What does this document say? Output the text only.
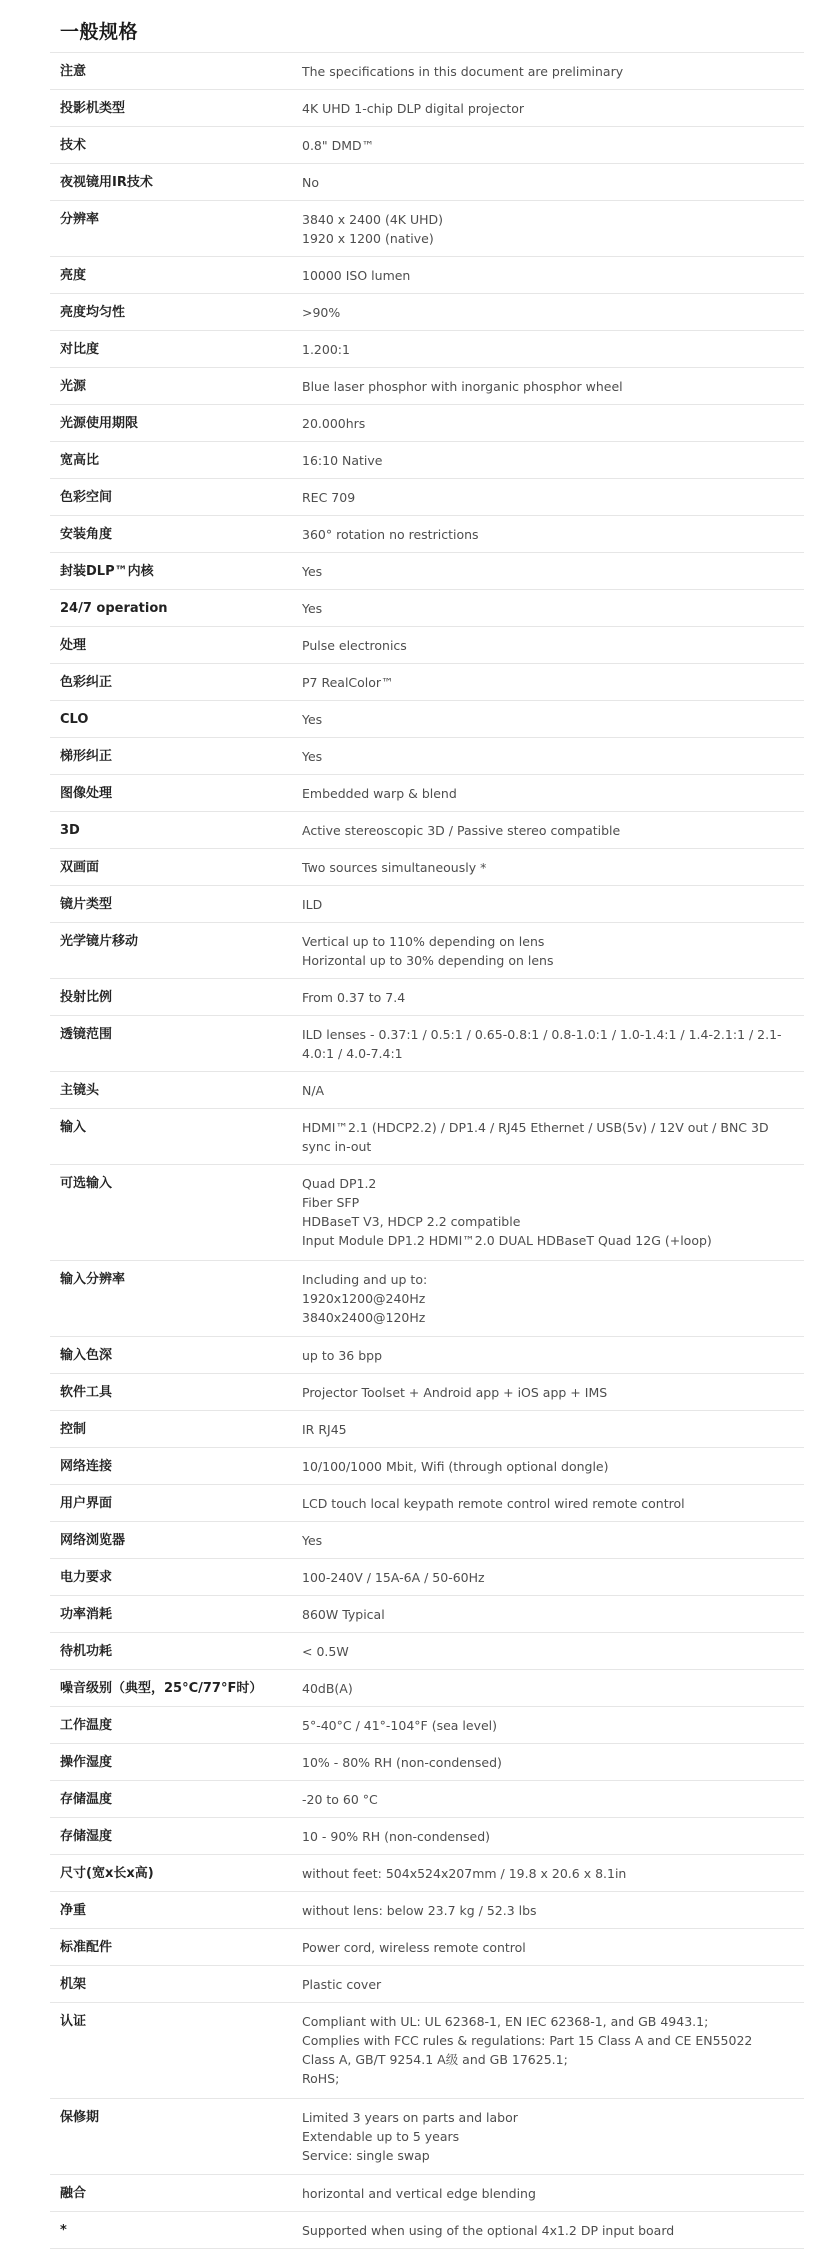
一般规格
注意	The specifications in this document are preliminary
投影机类型	4K UHD 1-chip DLP digital projector
技术	0.8" DMD™
夜视镜用IR技术	No
分辨率	3840 x 2400 (4K UHD)
1920 x 1200 (native)
亮度	10000 ISO lumen
亮度均匀性	>90%
对比度	1.200:1
光源	Blue laser phosphor with inorganic phosphor wheel
光源使用期限	20.000hrs
宽高比	16:10 Native
色彩空间	REC 709
安装角度	360° rotation no restrictions
封装DLP™内核	Yes
24/7 operation	Yes
处理	Pulse electronics
色彩纠正	P7 RealColor™
CLO	Yes
梯形纠正	Yes
图像处理	Embedded warp & blend
3D	Active stereoscopic 3D / Passive stereo compatible
双画面	Two sources simultaneously *
镜片类型	ILD
光学镜片移动	Vertical up to 110% depending on lens
Horizontal up to 30% depending on lens
投射比例	From 0.37 to 7.4
透镜范围	ILD lenses - 0.37:1 / 0.5:1 / 0.65-0.8:1 / 0.8-1.0:1 / 1.0-1.4:1 / 1.4-2.1:1 / 2.1-
4.0:1 / 4.0-7.4:1
主镜头	N/A
输入	HDMI™2.1 (HDCP2.2) / DP1.4 / RJ45 Ethernet / USB(5v) / 12V out / BNC 3D
sync in-out
可选输入	Quad DP1.2
Fiber SFP
HDBaseT V3, HDCP 2.2 compatible
Input Module DP1.2 HDMI™2.0 DUAL HDBaseT Quad 12G (+loop)
输入分辨率	Including and up to:
1920x1200@240Hz
3840x2400@120Hz
输入色深	up to 36 bpp
软件工具	Projector Toolset + Android app + iOS app + IMS
控制	IR RJ45
网络连接	10/100/1000 Mbit, Wifi (through optional dongle)
用户界面	LCD touch local keypath remote control wired remote control
网络浏览器	Yes
电力要求	100-240V / 15A-6A / 50-60Hz
功率消耗	860W Typical
待机功耗	< 0.5W
噪音级别（典型，25°C/77°F时）	40dB(A)
工作温度	5°-40°C / 41°-104°F (sea level)
操作湿度	10% - 80% RH (non-condensed)
存储温度	-20 to 60 °C
存储湿度	10 - 90% RH (non-condensed)
尺寸(宽x长x高)	without feet: 504x524x207mm / 19.8 x 20.6 x 8.1in
净重	without lens: below 23.7 kg / 52.3 lbs
标准配件	Power cord, wireless remote control
机架	Plastic cover
认证	Compliant with UL: UL 62368-1, EN IEC 62368-1, and GB 4943.1;
Complies with FCC rules & regulations: Part 15 Class A and CE EN55022
Class A, GB/T 9254.1 A级 and GB 17625.1;
RoHS;
保修期	Limited 3 years on parts and labor
Extendable up to 5 years
Service: single swap
融合	horizontal and vertical edge blending
*	Supported when using of the optional 4x1.2 DP input board
